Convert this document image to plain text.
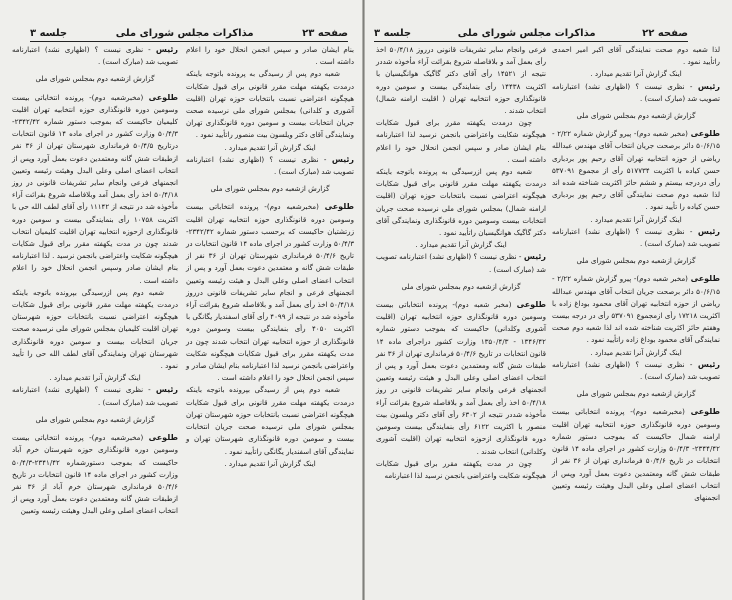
صفحه ۲۳
مذاکرات مجلس شورای ملی
جلسه ۳

بنام ایشان صادر و سپس انجمن انحلال خود را اعلام داشته است .

شعبه دوم پس از رسیدگی به پرونده باتوجه باینکه درمدت یکهفته مهلت مقرر قانونی برای قبول شکایات هیچگونه اعتراضی نسبت بانتخابات حوزه تهران (اقلیت آشوری و کلدانی) بمجلس شورای ملی نرسیده صحت جریان انتخابات بیست و سومین دوره قانونگذاری تهران ونمایندگی آقای دکتر ویلسون بیت منصور راتأیید نمود .

اینک گزارش آنرا تقدیم میدارد .

رئیس - نظری نیست ؟ (اظهاری نشد) اعتبارنامه تصویب شد (مبارک است) .

گزارش ازشعبه دوم بمجلس شورای ملی

طلوعی (مخبرشعبه دوم)- پرونده انتخاباتی بیست وسومین دوره قانونگذاری حوزه انتخابیه تهران اقلیت زرتشتیان حاکیست که برحسب دستور شماره ۲۳۴۲/۴۲- ۵۰/۴/۳ وزارت کشور در اجرای ماده ۱۴ قانون انتخابات در تاریخ ۵۰/۴/۶ فرمانداری شهرستان تهران از ۳۶ نفر از طبقات شش گانه و معتمدین دعوت بعمل آورد و پس از انتخاب اعضای اصلی وعلی البدل و هیئت رئیسه وتعیین انجمنهای فرعی و انجام سایر تشریفات قانونی درروز ۵۰/۴/۱۸ اخذ رأی بعمل آمد و بلافاصله شروع بقرائت آراء مأخوذه شد در نتیجه از ۴۰۹۹ رأی آقای اسفندیار یگانگی با اکثریت ۴۰۵۰ رأی بنمایندگی بیست وسومین دوره قانونگذاری از حوزه انتخابیه تهران انتخاب شدند چون در مدت یکهفته مقرر برای قبول شکایات هیچگونه شکایت واعتراضی بانجمن نرسید لذا اعتبارنامه بنام ایشان صادر و سپس انجمن انحلال خود را اعلام داشته است .

شعبه دوم پس از رسیدگی بپرونده باتوجه باینکه درمدت یکهفته مهلت مقرر قانونی برای قبول شکایات هیچگونه اعتراضی نسبت بانتخابات حوزه شهرستان تهران بمجلس شورای ملی نرسیده صحت جریان انتخابات بیست و سومین دوره قانونگذاری شهرستان تهران و نمایندگی آقای اسفندیار یگانگی راتأیید نمود .

اینک گزارش آنرا تقدیم میدارد .

رئیس - نظری نیست ؟ (اظهاری نشد) اعتبارنامه تصویب شد (مبارک است) .

گزارش ازشعبه دوم بمجلس شورای ملی

طلوعی (مخبرشعبه دوم)- پرونده انتخاباتی بیست وسومین دوره قانونگذاری حوزه انتخابیه تهران اقلیت کلیمیان حاکیست که بموجب دستور شماره ۲۳۴۲/۴۲- ۵۰/۴/۳ وزارت کشور در اجرای ماده ۱۴ قانون انتخابات درتاریخ ۵۰/۴/۵ فرمانداری شهرستان تهران از ۳۶ نفر ازطبقات شش گانه ومعتمدین دعوت بعمل آورد وپس از انتخاب اعضای اصلی وعلی البدل وهیئت رئیسه وتعیین انجمنهای فرعی وانجام سایر تشریفات قانونی در روز ۵۰/۴/۱۸ اخذ رأی بعمل آمد وبلافاصله شروع بقرائت آراء مأخوذه شد در نتیجه از ۱۱۱۴۲ رأی آقای لطف الله حی با اکثریت ۱۰۷۵۸ رأی بنمایندگی بیست و سومین دوره قانونگذاری ازحوزه انتخابیه تهران اقلیت کلیمیان انتخاب شدند چون در مدت یکهفته مقرر برای قبول شکایات هیچگونه شکایت واعتراضی بانجمن نرسید . لذا اعتبارنامه بنام ایشان صادر وسپس انجمن انحلال خود را اعلام داشته است .

شعبه دوم پس ازرسیدگی بپرونده باتوجه باینکه درمدت یکهفته مهلت مقرر قانونی برای قبول شکایات هیچگونه اعتراضی نسبت بانتخابات حوزه شهرستان تهران اقلیت کلیمیان بمجلس شورای ملی نرسیده صحت جریان انتخابات بیست و سومین دوره قانونگذاری شهرستان تهران ونمایندگی آقای لطف الله حی را تأیید نمود .

اینک گزارش آنرا تقدیم میدارد .

رئیس - نظری نیست ؟ (اظهاری نشد) اعتبارنامه تصویب شد (مبارک است) .

گزارش ازشعبه دوم بمجلس شورای ملی

طلوعی (مخبرشعبه دوم)- پرونده انتخاباتی بیست وسومین دوره قانونگذاری حوزه شهرستان خرم آباد حاکیست که بموجب دستورشماره ۲۳۴۱/۴۲-۵۰/۴/۳ وزارت کشور در اجرای ماده ۱۴ قانون انتخابات در تاریخ ۵۰/۴/۶ فرمانداری شهرستان خرم آباد از ۳۶ نفر ازطبقات شش گانه ومعتمدین دعوت بعمل آورد وپس از انتخاب اعضای اصلی وعلی البدل وهیئت رئیسه وتعیین

صفحه ۲۲
مذاکرات مجلس شورای ملی
جلسه ۳

لذا شعبه دوم صحت نمایندگی آقای اکبر امیر احمدی راتأیید نمود .

اینک گزارش آنرا تقدیم میدارد .

رئیس - نظری نیست ؟ (اظهاری نشد) اعتبارنامه تصویب شد (مبارک است) .

گزارش ازشعبه دوم بمجلس شورای ملی

طلوعی (مخبر شعبه دوم)- پیرو گزارش شماره ۲/۲۲ - ۵۰/۶/۱۵ دائر برصحت جریان انتخاب آقای مهندس عبدالله ریاضی از حوزه انتخابیه تهران آقای رحیم پور بردباری حسن کیاده با اکثریت ۵۱۷۷۳۴ رأی از مجموع ۵۳۷۰۹۱ رأی دردرجه بیستم و ششم حائز اکثریت شناخته شده اند لذا شعبه دوم صحت نمایندگی آقای رحیم پور بردباری حسن کیاده را تأیید نمود .

اینک گزارش آنرا تقدیم میدارد .

رئیس - نظری نیست ؟ (اظهاری نشد) اعتبارنامه تصویب شد (مبارک است) .

گزارش ازشعبه دوم بمجلس شورای ملی

طلوعی (مخبر شعبه دوم)- پیرو گزارش شماره ۲/۲۲ - ۵۰/۶/۱۵ دائر برصحت جریان انتخاب آقای مهندس عبدالله ریاضی از حوزه انتخابیه تهران آقای محمود بوداغ زاده با اکثریت ۱۷۲۱۸ رأی ازمجموع ۵۳۷۰۹۱ رأی در درجه بیست وهفتم حائز اکثریت شناخته شده اند لذا شعبه دوم صحت نمایندگی آقای محمود بوداغ زاده راتأیید نمود .

اینک گزارش آنرا تقدیم میدارد .

رئیس - نظری نیست ؟ (اظهاری نشد) اعتبارنامه تصویب شد (مبارک است) .

گزارش ازشعبه دوم بمجلس شورای ملی

طلوعی (مخبرشعبه دوم)- پرونده انتخاباتی بیست وسومین دوره قانونگذاری حوزه انتخابیه تهران اقلیت ارامنه شمال حاکیست که بموجب دستور شماره ۲۳۴۴/۴۲- ۵۰/۴/۳ وزارت کشور در اجرای ماده ۱۴ قانون انتخابات در تاریخ ۵۰/۴/۶ فرمانداری تهران از ۳۶ نفر از طبقات شش گانه ومعتمدین دعوت بعمل آورد وپس از انتخاب اعضای اصلی وعلی البدل وهیئت رئیسه وتعیین انجمنهای

فرعی وانجام سایر تشریفات قانونی درروز ۵۰/۴/۱۸ اخذ رأی بعمل آمد و بلافاصله شروع بقرائت آراء مأخوذه شددر نتیجه از ۱۴۵۲۱ رأی آقای دکتر گاگیک هوانگیسیان با اکثریت ۱۴۴۳۸ رأی بنمایندگی بیست و سومین دوره قانونگذاری حوزه انتخابیه تهران ( اقلیت ارامنه شمال) انتخاب شدند .

چون درمدت یکهفته مقرر برای قبول شکایات هیچگونه شکایت واعتراضی بانجمن نرسید لذا اعتبارنامه بنام ایشان صادر و سپس انجمن انحلال خود را اعلام داشته است .

شعبه دوم پس ازرسیدگی به پرونده باتوجه باینکه درمدت یکهفته مهلت مقرر قانونی برای قبول شکایات هیچگونه اعتراضی نسبت بانتخابات حوزه تهران (اقلیت ارامنه شمال) بمجلس شورای ملی نرسیده صحت جریان انتخابات بیست وسومین دوره قانونگذاری ونمایندگی آقای دکتر گاگیک هوانگیسیان راتأیید نمود .

اینک گزارش آنرا تقدیم میدارد .

رئیس - نظری نیست ؟ (اظهاری نشد) اعتبارنامه تصویب شد (مبارک است) .

گزارش ازشعبه دوم بمجلس شورای ملی

طلوعی (مخبر شعبه دوم)- پرونده انتخاباتی بیست وسومین دوره قانونگذاری حوزه انتخابیه تهران (اقلیت آشوری وکلدانی) حاکیست که بموجب دستور شماره ۱۳۴۶/۴۲ - ۱۳۵۰/۴/۳ وزارت کشور دراجرای ماده ۱۴ قانون انتخابات در تاریخ ۵۰/۴/۶ فرمانداری تهران از ۳۶ نفر طبقات شش گانه ومعتمدین دعوت بعمل آورد و پس از انتخاب اعضای اصلی وعلی البدل و هیئت رئیسه وتعیین انجمنهای فرعی وانجام سایر تشریفات قانونی در روز ۵۰/۴/۱۸ اخذ رأی بعمل آمد و بلافاصله شروع بقرائت آراء مأخوذه شددر نتیجه از ۶۳۰۲ رأی آقای دکتر ویلسون بیت منصور با اکثریت ۶۱۲۲ رأی بنمایندگی بیست وسومین دوره قانونگذاری ازحوزه انتخابیه تهران (اقلیت آشوری وکلدانی) انتخاب شدند .

چون در مدت یکهفته مقرر برای قبول شکایات هیچگونه شکایت واعتراضی بانجمن نرسید لذا اعتبارنامه
